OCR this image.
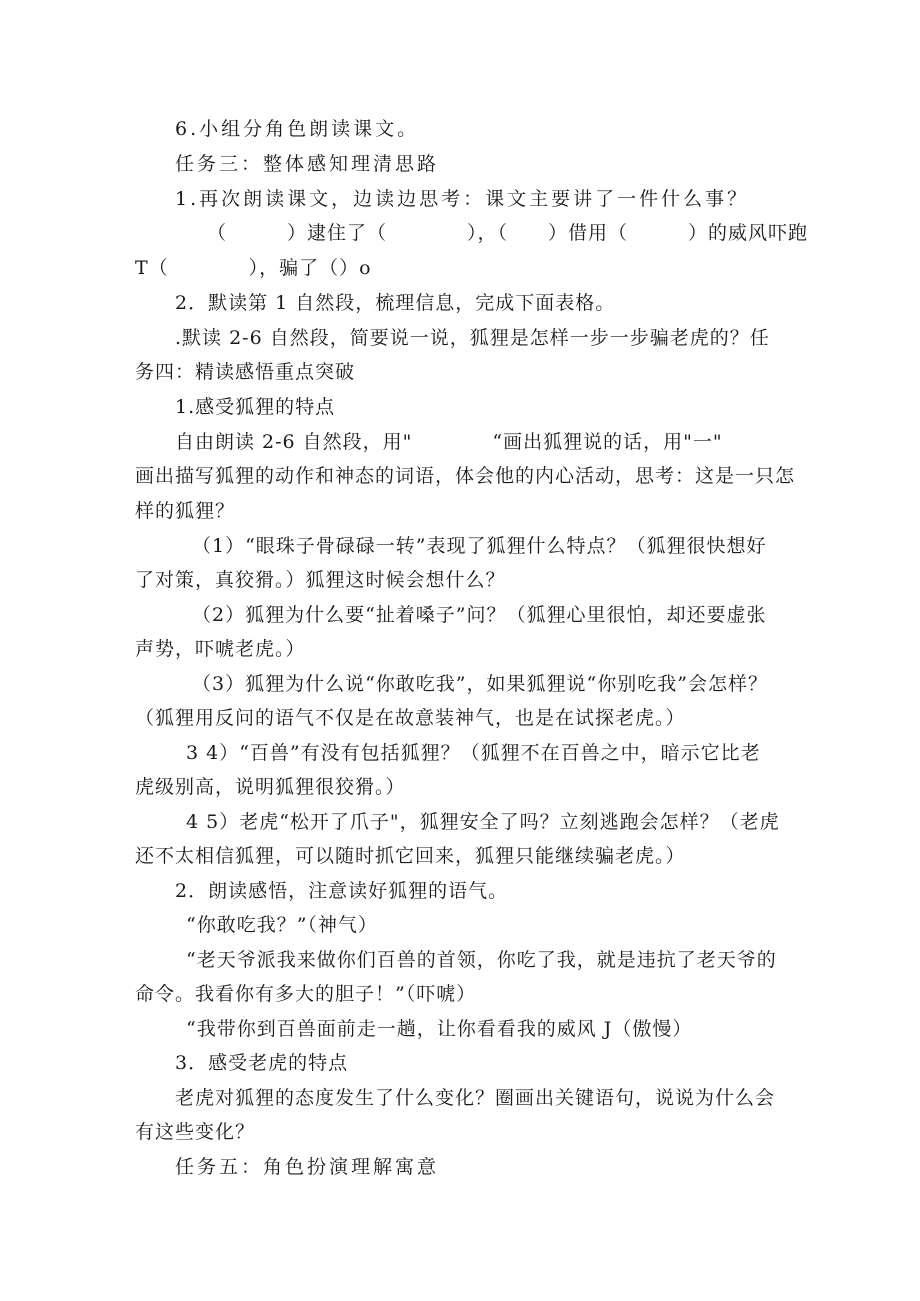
6.小组分角色朗读课文。
任务三：整体感知理清思路
1.再次朗读课文，边读边思考：课文主要讲了一件什么事？
（　　　）逮住了（　　　　），（　　）借用（　　　）的威风吓跑
T（　　　　），骗了（）o
2．默读第 1 自然段，梳理信息，完成下面表格。
.默读 2-6 自然段，简要说一说，狐狸是怎样一步一步骗老虎的？任
务四：精读感悟重点突破
1.感受狐狸的特点
自由朗读 2-6 自然段，用"　　　　“画出狐狸说的话，用"一"
画出描写狐狸的动作和神态的词语，体会他的内心活动，思考：这是一只怎
样的狐狸？
（1）“眼珠子骨碌碌一转”表现了狐狸什么特点？（狐狸很快想好
了对策，真狡猾。）狐狸这时候会想什么？
（2）狐狸为什么要“扯着嗓子”问？（狐狸心里很怕，却还要虚张
声势，吓唬老虎。）
（3）狐狸为什么说“你敢吃我”，如果狐狸说“你别吃我”会怎样？
（狐狸用反问的语气不仅是在故意装神气，也是在试探老虎。）
3 4）“百兽”有没有包括狐狸？（狐狸不在百兽之中，暗示它比老
虎级别高，说明狐狸很狡猾。）
4 5）老虎“松开了爪子"，狐狸安全了吗？立刻逃跑会怎样？（老虎
还不太相信狐狸，可以随时抓它回来，狐狸只能继续骗老虎。）
2．朗读感悟，注意读好狐狸的语气。
“你敢吃我？”（神气）
“老天爷派我来做你们百兽的首领，你吃了我，就是违抗了老天爷的
命令。我看你有多大的胆子！”（吓唬）
“我带你到百兽面前走一趟，让你看看我的威风 J（傲慢）
3．感受老虎的特点
老虎对狐狸的态度发生了什么变化？圈画出关键语句，说说为什么会
有这些变化？
任务五：角色扮演理解寓意
